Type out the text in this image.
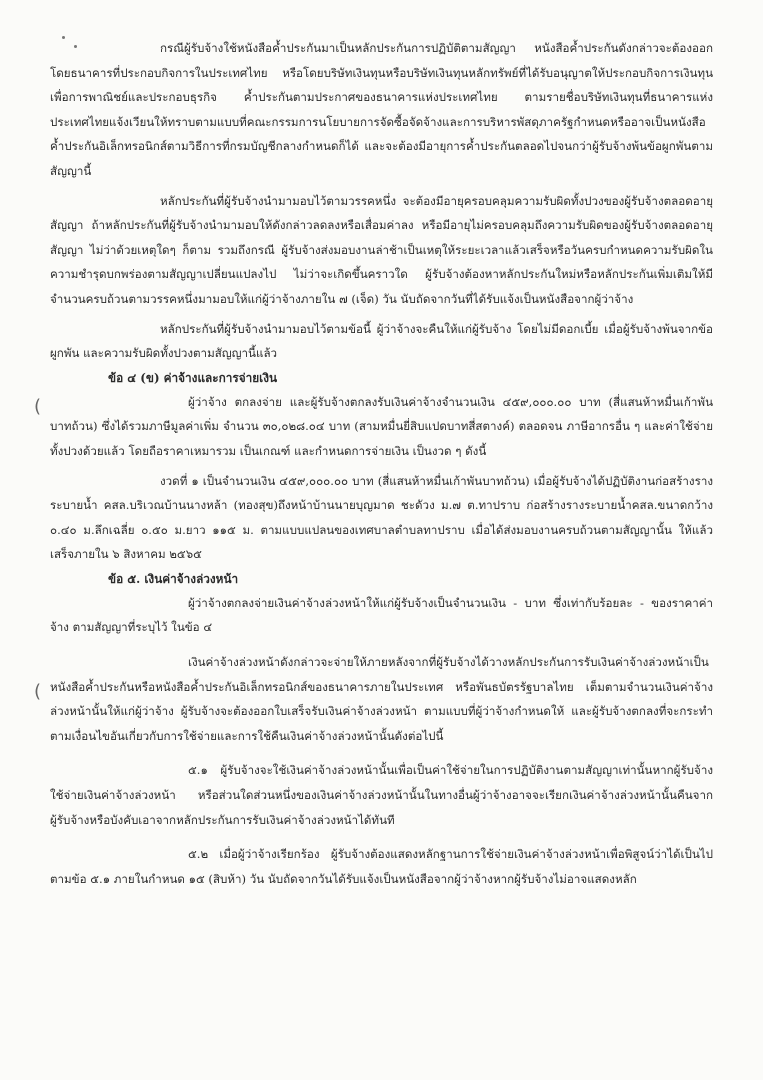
(
(

กรณีผู้รับจ้างใช้หนังสือค้ำประกันมาเป็นหลักประกันการปฏิบัติตามสัญญา หนังสือค้ำประกันดังกล่าวจะต้องออกโดยธนาคารที่ประกอบกิจการในประเทศไทย หรือโดยบริษัทเงินทุนหรือบริษัทเงินทุนหลักทรัพย์ที่ได้รับอนุญาตให้ประกอบกิจการเงินทุนเพื่อการพาณิชย์และประกอบธุรกิจ ค้ำประกันตามประกาศของธนาคารแห่งประเทศไทย ตามรายชื่อบริษัทเงินทุนที่ธนาคารแห่งประเทศไทยแจ้งเวียนให้ทราบตามแบบที่คณะกรรมการนโยบายการจัดซื้อจัดจ้างและการบริหารพัสดุภาครัฐกำหนดหรืออาจเป็นหนังสือค้ำประกันอิเล็กทรอนิกส์ตามวิธีการที่กรมบัญชีกลางกำหนดก็ได้ และจะต้องมีอายุการค้ำประกันตลอดไปจนกว่าผู้รับจ้างพ้นข้อผูกพันตามสัญญานี้

หลักประกันที่ผู้รับจ้างนำมามอบไว้ตามวรรคหนึ่ง จะต้องมีอายุครอบคลุมความรับผิดทั้งปวงของผู้รับจ้างตลอดอายุสัญญา ถ้าหลักประกันที่ผู้รับจ้างนำมามอบให้ดังกล่าวลดลงหรือเสื่อมค่าลง หรือมีอายุไม่ครอบคลุมถึงความรับผิดของผู้รับจ้างตลอดอายุสัญญา ไม่ว่าด้วยเหตุใดๆ ก็ตาม รวมถึงกรณี ผู้รับจ้างส่งมอบงานล่าช้าเป็นเหตุให้ระยะเวลาแล้วเสร็จหรือวันครบกำหนดความรับผิดในความชำรุดบกพร่องตามสัญญาเปลี่ยนแปลงไป ไม่ว่าจะเกิดขึ้นคราวใด ผู้รับจ้างต้องหาหลักประกันใหม่หรือหลักประกันเพิ่มเติมให้มีจำนวนครบถ้วนตามวรรคหนึ่งมามอบให้แก่ผู้ว่าจ้างภายใน ๗ (เจ็ด) วัน นับถัดจากวันที่ได้รับแจ้งเป็นหนังสือจากผู้ว่าจ้าง

หลักประกันที่ผู้รับจ้างนำมามอบไว้ตามข้อนี้ ผู้ว่าจ้างจะคืนให้แก่ผู้รับจ้าง โดยไม่มีดอกเบี้ย เมื่อผู้รับจ้างพ้นจากข้อผูกพัน และความรับผิดทั้งปวงตามสัญญานี้แล้ว

ข้อ ๔ (ข) ค่าจ้างและการจ่ายเงิน

ผู้ว่าจ้าง ตกลงจ่าย และผู้รับจ้างตกลงรับเงินค่าจ้างจำนวนเงิน ๔๕๙,๐๐๐.๐๐ บาท (สี่แสนห้าหมื่นเก้าพันบาทถ้วน) ซึ่งได้รวมภาษีมูลค่าเพิ่ม จำนวน ๓๐,๐๒๘.๐๔ บาท (สามหมื่นยี่สิบแปดบาทสี่สตางค์) ตลอดจน ภาษีอากรอื่น ๆ และค่าใช้จ่ายทั้งปวงด้วยแล้ว โดยถือราคาเหมารวม เป็นเกณฑ์ และกำหนดการจ่ายเงิน เป็นงวด ๆ ดังนี้

งวดที่ ๑ เป็นจำนวนเงิน ๔๕๙,๐๐๐.๐๐ บาท (สี่แสนห้าหมื่นเก้าพันบาทถ้วน) เมื่อผู้รับจ้างได้ปฏิบัติงานก่อสร้างรางระบายน้ำ คสล.บริเวณบ้านนางหล้า (ทองสุข)ถึงหน้าบ้านนายบุญมาด ชะดัวง ม.๗ ต.ทาปราบ ก่อสร้างรางระบายน้ำคสล.ขนาดกว้าง ๐.๔๐ ม.ลึกเฉลี่ย ๐.๕๐ ม.ยาว ๑๑๕ ม. ตามแบบแปลนของเทศบาลตำบลทาปราบ เมื่อได้ส่งมอบงานครบถ้วนตามสัญญานั้น ให้แล้วเสร็จภายใน ๖ สิงหาคม ๒๕๖๕

ข้อ ๕. เงินค่าจ้างล่วงหน้า

ผู้ว่าจ้างตกลงจ่ายเงินค่าจ้างล่วงหน้าให้แก่ผู้รับจ้างเป็นจำนวนเงิน - บาท ซึ่งเท่ากับร้อยละ - ของราคาค่าจ้าง ตามสัญญาที่ระบุไว้ ในข้อ ๔

เงินค่าจ้างล่วงหน้าดังกล่าวจะจ่ายให้ภายหลังจากที่ผู้รับจ้างได้วางหลักประกันการรับเงินค่าจ้างล่วงหน้าเป็นหนังสือค้ำประกันหรือหนังสือค้ำประกันอิเล็กทรอนิกส์ของธนาคารภายในประเทศ หรือพันธบัตรรัฐบาลไทย เต็มตามจำนวนเงินค่าจ้างล่วงหน้านั้นให้แก่ผู้ว่าจ้าง ผู้รับจ้างจะต้องออกใบเสร็จรับเงินค่าจ้างล่วงหน้า ตามแบบที่ผู้ว่าจ้างกำหนดให้ และผู้รับจ้างตกลงที่จะกระทำตามเงื่อนไขอันเกี่ยวกับการใช้จ่ายและการใช้คืนเงินค่าจ้างล่วงหน้านั้นดังต่อไปนี้

๕.๑ ผู้รับจ้างจะใช้เงินค่าจ้างล่วงหน้านั้นเพื่อเป็นค่าใช้จ่ายในการปฏิบัติงานตามสัญญาเท่านั้นหากผู้รับจ้างใช้จ่ายเงินค่าจ้างล่วงหน้า หรือส่วนใดส่วนหนึ่งของเงินค่าจ้างล่วงหน้านั้นในทางอื่นผู้ว่าจ้างอาจจะเรียกเงินค่าจ้างล่วงหน้านั้นคืนจากผู้รับจ้างหรือบังคับเอาจากหลักประกันการรับเงินค่าจ้างล่วงหน้าได้ทันที

๕.๒ เมื่อผู้ว่าจ้างเรียกร้อง ผู้รับจ้างต้องแสดงหลักฐานการใช้จ่ายเงินค่าจ้างล่วงหน้าเพื่อพิสูจน์ว่าได้เป็นไปตามข้อ ๕.๑ ภายในกำหนด ๑๕ (สิบห้า) วัน นับถัดจากวันได้รับแจ้งเป็นหนังสือจากผู้ว่าจ้างหากผู้รับจ้างไม่อาจแสดงหลัก
